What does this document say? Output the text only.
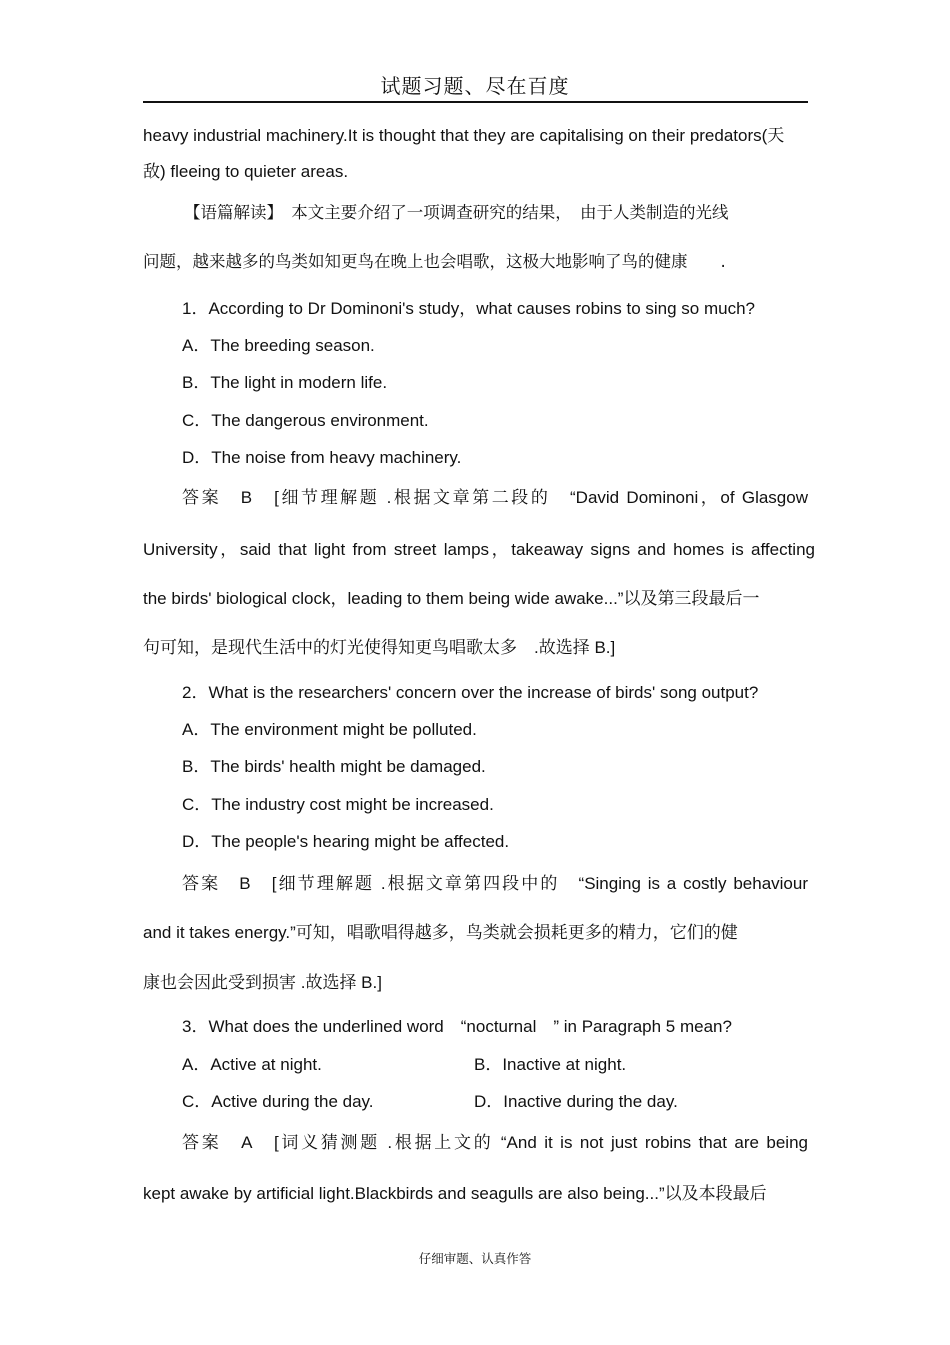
试题习题、尽在百度
heavy industrial machinery.It is thought that they are capitalising on their predators(天
敌) fleeing to quieter areas.
【语篇解读】　本文主要介绍了一项调查研究的结果，　由于人类制造的光线
问题，越来越多的鸟类如知更鸟在晚上也会唱歌，这极大地影响了鸟的健康　　.
1．According to Dr Dominoni's study，what causes robins to sing so much?
A．The breeding season.
B．The light in modern life.
C．The dangerous environment.
D．The noise from heavy machinery.
答案　B　[细节理解题 .根据文章第二段的　“David Dominoni，of Glasgow
University，said that light from street lamps，takeaway signs and homes is affecting
the birds' biological clock，leading to them being wide awake...”以及第三段最后一
句可知，是现代生活中的灯光使得知更鸟唱歌太多　.故选择 B.]
2．What is the researchers' concern over the increase of birds' song output?
A．The environment might be polluted.
B．The birds' health might be damaged.
C．The industry cost might be increased.
D．The people's hearing might be affected.
答案　B　[细节理解题 .根据文章第四段中的　“Singing is a costly behaviour
and it takes energy.”可知，唱歌唱得越多，鸟类就会损耗更多的精力，它们的健
康也会因此受到损害 .故选择 B.]
3．What does the underlined word　“nocturnal　” in Paragraph 5 mean?
A．Active at night.	B．Inactive at night.
C．Active during the day.	D．Inactive during the day.
答案　A　[词义猜测题 .根据上文的 “And it is not just robins that are being
kept awake by artificial light.Blackbirds and seagulls are also being...”以及本段最后
仔细审题、认真作答
